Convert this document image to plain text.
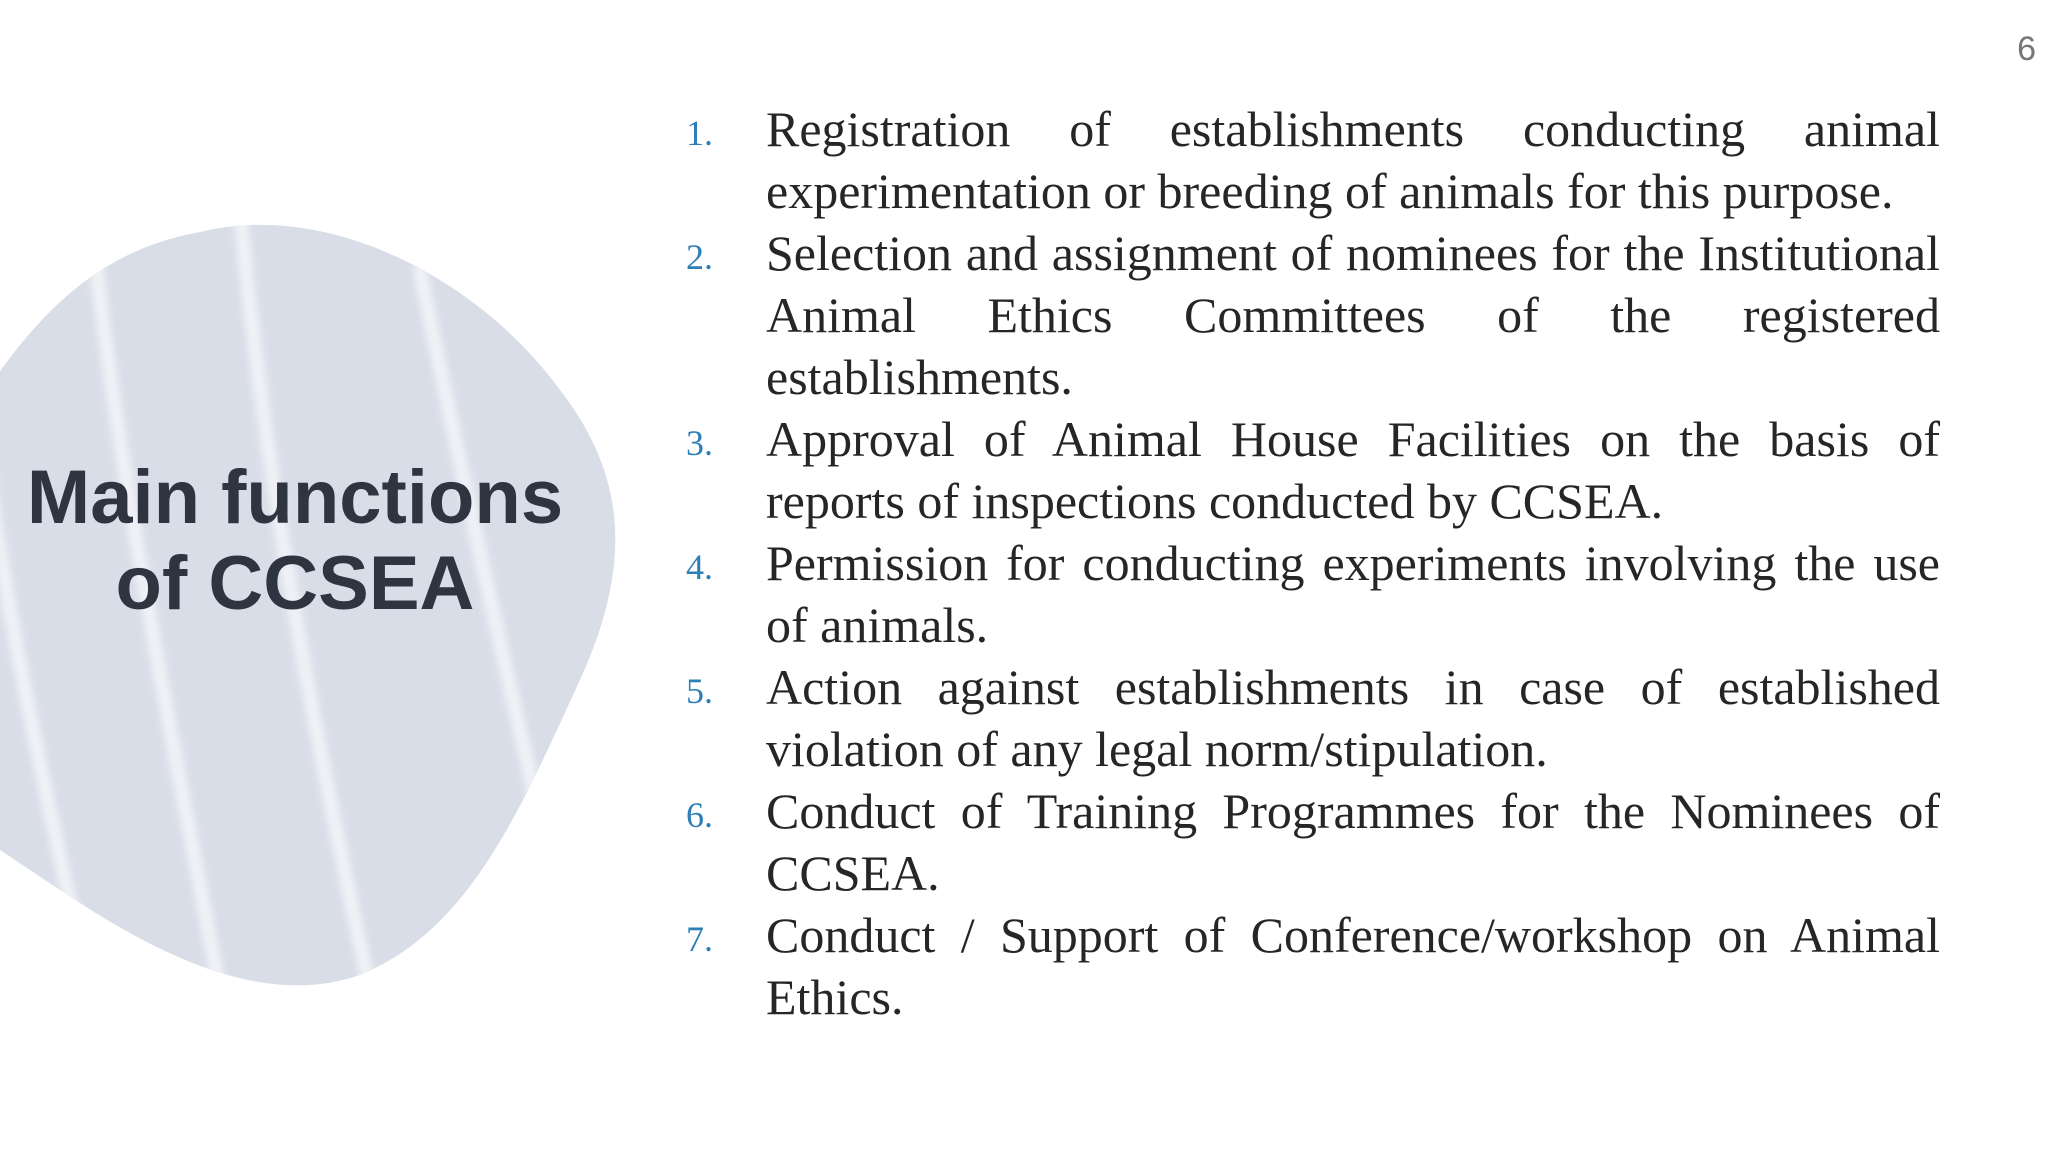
6
Main functions
of CCSEA
1.	Registration of establishments conducting animal experimentation or breeding of animals for this purpose.
2.	Selection and assignment of nominees for the Institutional Animal Ethics Committees of the registered establishments.
3.	Approval of Animal House Facilities on the basis of reports of inspections conducted by CCSEA.
4.	Permission for conducting experiments involving the use of animals.
5.	Action against establishments in case of established violation of any legal norm/stipulation.
6.	Conduct of Training Programmes for the Nominees of CCSEA.
7.	Conduct / Support of Conference/workshop on Animal Ethics.
